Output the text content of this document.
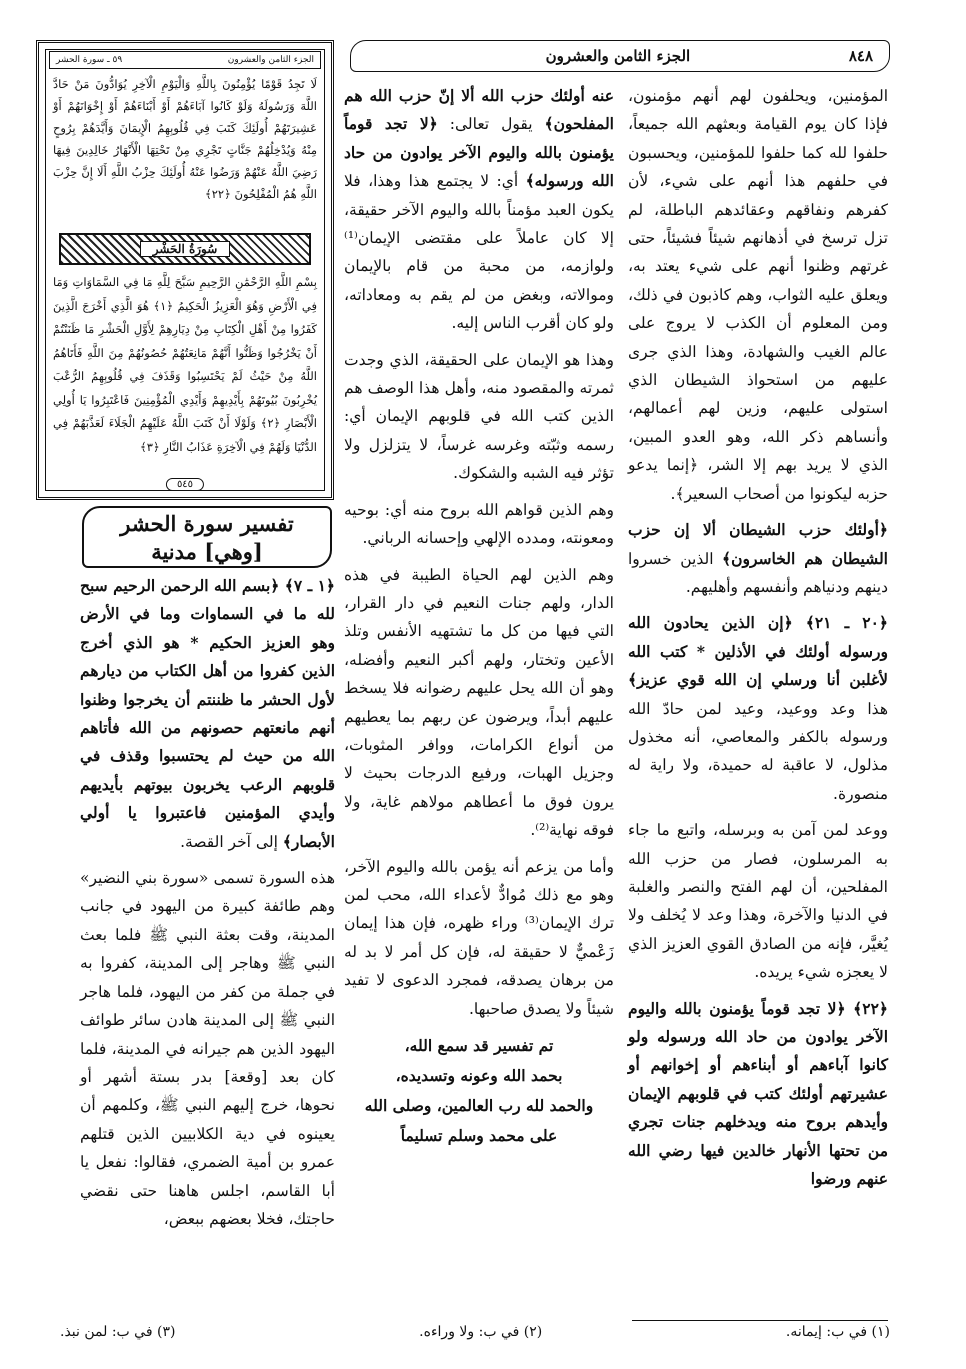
٨٤٨
الجزء الثامن والعشرون

المؤمنين، ويحلفون لهم أنهم مؤمنون، فإذا كان يوم القيامة وبعثهم الله جميعاً، حلفوا لله كما حلفوا للمؤمنين، ويحسبون في حلفهم هذا أنهم على شيء، لأن كفرهم ونفاقهم وعقائدهم الباطلة، لم تزل ترسخ في أذهانهم شيئاً فشيئاً، حتى غرتهم وظنوا أنهم على شيء يعتد به، ويعلق عليه الثواب، وهم كاذبون في ذلك، ومن المعلوم أن الكذب لا يروج على عالم الغيب والشهادة، وهذا الذي جرى عليهم من استحواذ الشيطان الذي استولى عليهم، وزين لهم أعمالهم، وأنساهم ذكر الله، وهو العدو المبين، الذي لا يريد بهم إلا الشر، ﴿إنما يدعو حزبه ليكونوا من أصحاب السعير﴾.

﴿أولئك حزب الشيطان ألا إن حزب الشيطان هم الخاسرون﴾ الذين خسروا دينهم ودنياهم وأنفسهم وأهليهم.

﴿٢٠ ـ ٢١﴾ ﴿إن الذين يحادون الله ورسوله أولئك في الأذلين * كتب الله لأغلبن أنا ورسلي إن الله قوي عزيز﴾ هذا وعد ووعيد، وعيد لمن حادّ الله ورسوله بالكفر والمعاصي، أنه مخذول مذلول، لا عاقبة له حميدة، ولا راية له منصورة.

ووعد لمن آمن به وبرسله، واتبع ما جاء به المرسلون، فصار من حزب الله المفلحين، أن لهم الفتح والنصر والغلبة في الدنيا والآخرة، وهذا وعد لا يُخلف ولا يُغيَّر، فإنه من الصادق القوي العزيز الذي لا يعجزه شيء يريده.

﴿٢٢﴾ ﴿لا تجد قوماً يؤمنون بالله واليوم الآخر يوادون من حاد الله ورسوله ولو كانوا آباءهم أو أبناءهم أو إخوانهم أو عشيرتهم أولئك كتب في قلوبهم الإيمان وأيدهم بروح منه ويدخلهم جنات تجري من تحتها الأنهار خالدين فيها رضي الله عنهم ورضوا

عنه أولئك حزب الله ألا إنّ حزب الله هم المفلحون﴾ يقول تعالى: ﴿لا تجد قوماً يؤمنون بالله واليوم الآخر يوادون من حاد الله ورسوله﴾ أي: لا يجتمع هذا وهذا، فلا يكون العبد مؤمناً بالله واليوم الآخر حقيقة، إلا كان عاملاً على مقتضى الإيمان⁽¹⁾ ولوازمه، من محبة من قام بالإيمان وموالاته، وبغض من لم يقم به ومعاداته، ولو كان أقرب الناس إليه.

وهذا هو الإيمان على الحقيقة، الذي وجدت ثمرته والمقصود منه، وأهل هذا الوصف هم الذين كتب الله في قلوبهم الإيمان أي: رسمه وثبّته وغرسه غرساً، لا يتزلزل ولا تؤثر فيه الشبه والشكوك.

وهم الذين قواهم الله بروح منه أي: بوحيه ومعونته، ومدده الإلهي وإحسانه الرباني.

وهم الذين لهم الحياة الطيبة في هذه الدار، ولهم جنات النعيم في دار القرار، التي فيها من كل ما تشتهيه الأنفس وتلذ الأعين وتختار، ولهم أكبر النعيم وأفضله، وهو أن الله يحل عليهم رضوانه فلا يسخط عليهم أبداً، ويرضون عن ربهم بما يعطيهم من أنواع الكرامات، ووافر المثوبات، وجزيل الهبات، ورفيع الدرجات بحيث لا يرون فوق ما أعطاهم مولاهم غاية، ولا فوقه نهاية⁽²⁾.

وأما من يزعم أنه يؤمن بالله واليوم الآخر، وهو مع ذلك مُوادٌّ لأعداء الله، محب لمن ترك الإيمان⁽³⁾ وراء ظهره، فإن هذا إيمان زَعْميٌّ لا حقيقة له، فإن كل أمر لا بد له من برهان يصدقه، فمجرد الدعوى لا تفيد شيئاً ولا يصدق صاحبها.

تم تفسير قد سمع الله،
بحمد الله وعونه وتسديده،
والحمد لله رب العالمين، وصلى الله
على محمد وسلم تسليماً
الجزء الثامن والعشرون
٥٩ ـ سورة الحشر
لَا تَجِدُ قَوْمًا يُؤْمِنُونَ بِاللَّهِ وَالْيَوْمِ الْآخِرِ يُوَادُّونَ مَنْ حَادَّ اللَّهَ وَرَسُولَهُ وَلَوْ كَانُوا آبَاءَهُمْ أَوْ أَبْنَاءَهُمْ أَوْ إِخْوَانَهُمْ أَوْ عَشِيرَتَهُمْ أُولَئِكَ كَتَبَ فِي قُلُوبِهِمُ الْإِيمَانَ وَأَيَّدَهُمْ بِرُوحٍ مِنْهُ وَيُدْخِلُهُمْ جَنَّاتٍ تَجْرِي مِنْ تَحْتِهَا الْأَنْهَارُ خَالِدِينَ فِيهَا رَضِيَ اللَّهُ عَنْهُمْ وَرَضُوا عَنْهُ أُولَئِكَ حِزْبُ اللَّهِ أَلَا إِنَّ حِزْبَ اللَّهِ هُمُ الْمُفْلِحُونَ ﴿٢٢﴾
سُورَةُ الحَشْرِ
بِسْمِ اللَّهِ الرَّحْمَٰنِ الرَّحِيمِ سَبَّحَ لِلَّهِ مَا فِي السَّمَاوَاتِ وَمَا فِي الْأَرْضِ وَهُوَ الْعَزِيزُ الْحَكِيمُ ﴿١﴾ هُوَ الَّذِي أَخْرَجَ الَّذِينَ كَفَرُوا مِنْ أَهْلِ الْكِتَابِ مِنْ دِيَارِهِمْ لِأَوَّلِ الْحَشْرِ مَا ظَنَنْتُمْ أَنْ يَخْرُجُوا وَظَنُّوا أَنَّهُمْ مَانِعَتُهُمْ حُصُونُهُمْ مِنَ اللَّهِ فَأَتَاهُمُ اللَّهُ مِنْ حَيْثُ لَمْ يَحْتَسِبُوا وَقَذَفَ فِي قُلُوبِهِمُ الرُّعْبَ يُخْرِبُونَ بُيُوتَهُمْ بِأَيْدِيهِمْ وَأَيْدِي الْمُؤْمِنِينَ فَاعْتَبِرُوا يَا أُولِي الْأَبْصَارِ ﴿٢﴾ وَلَوْلَا أَنْ كَتَبَ اللَّهُ عَلَيْهِمُ الْجَلَاءَ لَعَذَّبَهُمْ فِي الدُّنْيَا وَلَهُمْ فِي الْآخِرَةِ عَذَابُ النَّارِ ﴿٣﴾
٥٤٥
تفسير سورة الحشر
[وهي] مدنية

﴿١ ـ ٧﴾ ﴿بسم الله الرحمن الرحيم سبح لله ما في السماوات وما في الأرض وهو العزيز الحكيم * هو الذي أخرج الذين كفروا من أهل الكتاب من ديارهم لأول الحشر ما ظننتم أن يخرجوا وظنوا أنهم مانعتهم حصونهم من الله فأتاهم الله من حيث لم يحتسبوا وقذف في قلوبهم الرعب يخربون بيوتهم بأيديهم وأيدي المؤمنين فاعتبروا يا أولي الأبصار﴾ إلى آخر القصة.

هذه السورة تسمى «سورة بني النضير» وهم طائفة كبيرة من اليهود في جانب المدينة، وقت بعثة النبي ﷺ فلما بعث النبي ﷺ وهاجر إلى المدينة، كفروا به في جملة من كفر من اليهود، فلما هاجر النبي ﷺ إلى المدينة هادن سائر طوائف اليهود الذين هم جيرانه في المدينة، فلما كان بعد [وقعة] بدر بستة أشهر أو نحوها، خرج إليهم النبي ﷺ، وكلمهم أن يعينوه في دية الكلابيين الذين قتلهم عمرو بن أمية الضمري، فقالوا: نفعل يا أبا القاسم، اجلس هاهنا حتى نقضي حاجتك، فخلا بعضهم ببعض،

(١) في ب: إيمانه.
(٢) في ب: ولا وراءه.
(٣) في ب: لمن نبذ.
